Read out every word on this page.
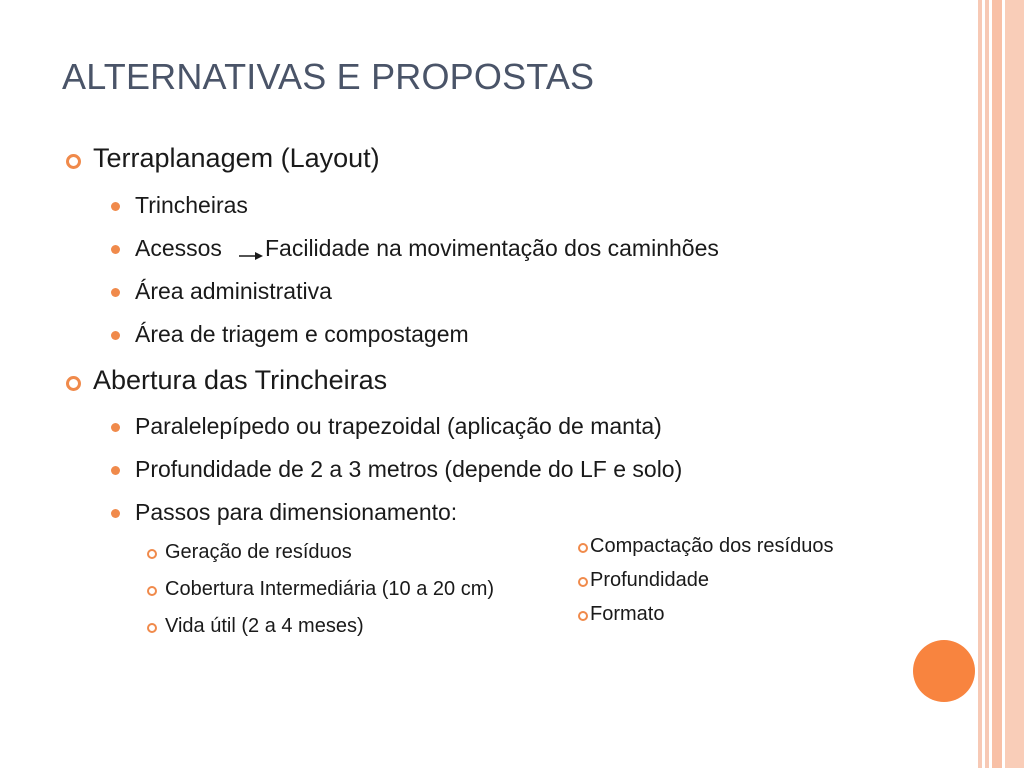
ALTERNATIVAS E PROPOSTAS
Terraplanagem (Layout)
Trincheiras
Acessos Facilidade na movimentação dos caminhões
Área administrativa
Área de triagem e compostagem
Abertura das Trincheiras
Paralelepípedo ou trapezoidal (aplicação de manta)
Profundidade de 2 a 3 metros (depende do LF e solo)
Passos para dimensionamento:
Geração de resíduos
Cobertura Intermediária (10 a 20 cm)
Vida útil (2 a 4 meses)
Compactação dos resíduos
Profundidade
Formato
